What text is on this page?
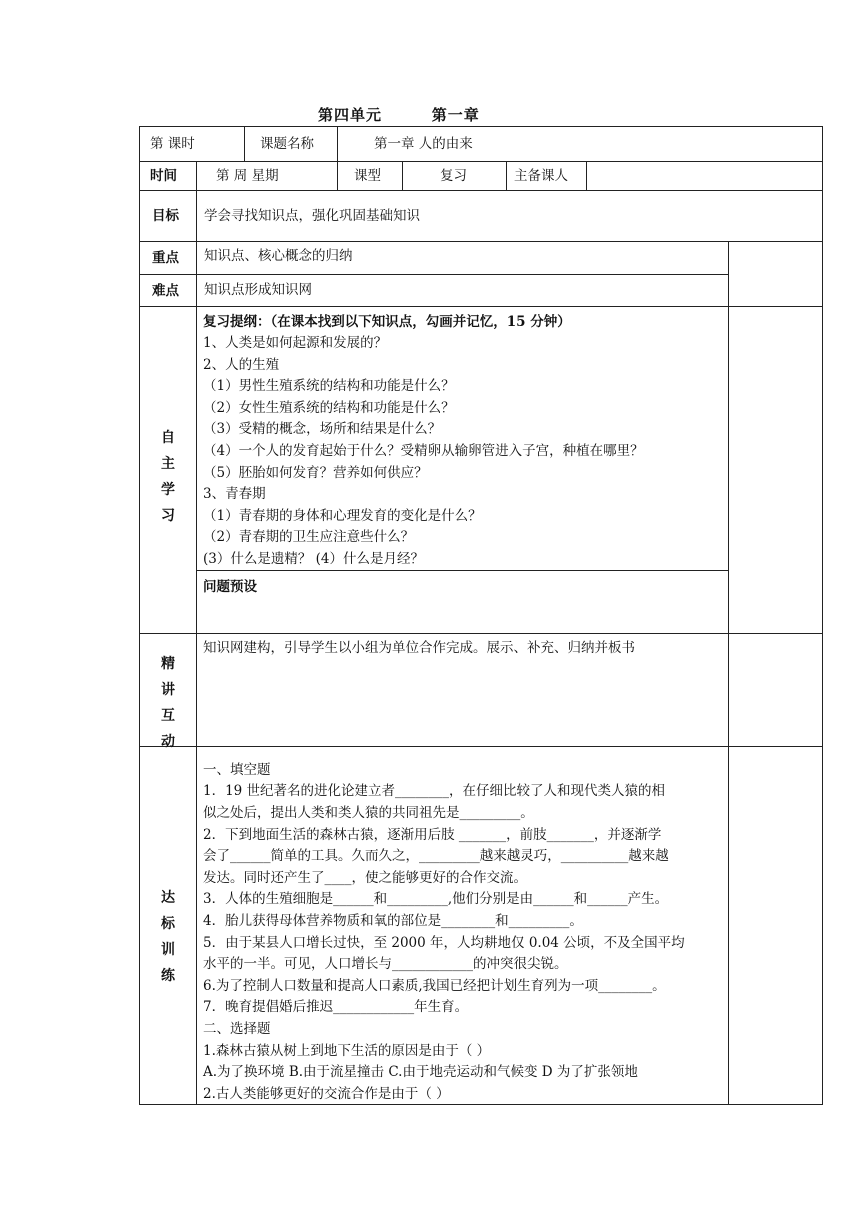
第四单元        第一章
第 课时	课题名称	第一章 人的由来
时间	第 周 星期	课型	复习	主备课人
目标 学会寻找知识点，强化巩固基础知识
重点 知识点、核心概念的归纳
难点 知识点形成知识网
自
主
学
习
复习提纲：（在课本找到以下知识点，勾画并记忆，15 分钟）
1、人类是如何起源和发展的？
2、人的生殖
（1）男性生殖系统的结构和功能是什么？
（2）女性生殖系统的结构和功能是什么？
（3）受精的概念，场所和结果是什么？
（4）一个人的发育起始于什么？受精卵从输卵管进入子宫，种植在哪里？
（5）胚胎如何发育？营养如何供应？
3、青春期
（1）青春期的身体和心理发育的变化是什么？
（2）青春期的卫生应注意些什么？
(3）什么是遗精？ (4）什么是月经？
问题预设
精
讲
互
动
知识网建构，引导学生以小组为单位合作完成。展示、补充、归纳并板书
达
标
训
练
一、填空题
1．19 世纪著名的进化论建立者________，在仔细比较了人和现代类人猿的相
似之处后，提出人类和类人猿的共同祖先是_________。
2．下到地面生活的森林古猿，逐渐用后肢 _______，前肢_______，并逐渐学
会了______简单的工具。久而久之，_________越来越灵巧，__________越来越
发达。同时还产生了____，使之能够更好的合作交流。
3．人体的生殖细胞是______和_________,他们分别是由______和______产生。
4．胎儿获得母体营养物质和氧的部位是________和_________。
5．由于某县人口增长过快，至 2000 年，人均耕地仅 0.04 公顷，不及全国平均
水平的一半。可见，人口增长与____________的冲突很尖锐。
6.为了控制人口数量和提高人口素质,我国已经把计划生育列为一项________。
7．晚育提倡婚后推迟____________年生育。
二、选择题
1.森林古猿从树上到地下生活的原因是由于（ ）
A.为了换环境 B.由于流星撞击 C.由于地壳运动和气候变 D 为了扩张领地
2.古人类能够更好的交流合作是由于（ ）
